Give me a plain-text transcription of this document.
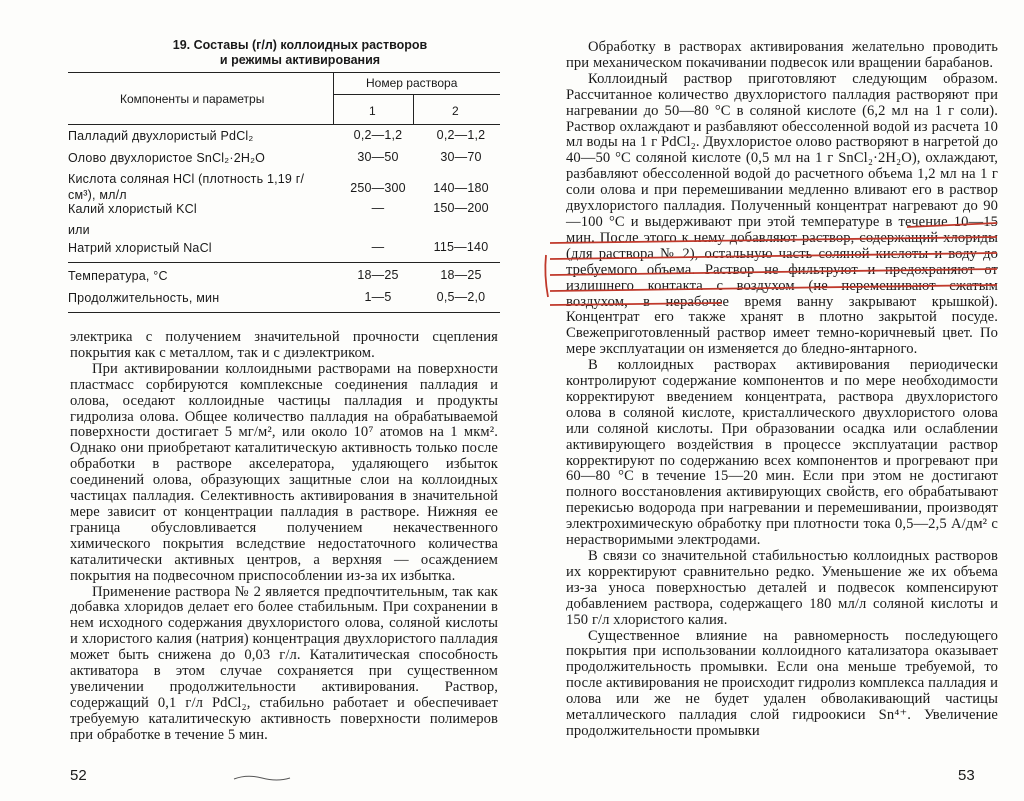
19. Составы (г/л) коллоидных растворов
и режимы активирования
Компоненты и параметры
Номер раствора
1	2
Палладий двухлористый PdCl₂	0,2—1,2	0,2—1,2
Олово двухлористое SnCl₂·2H₂O	30—50	30—70
Кислота соляная HCl (плотность 1,19 г/см³), мл/л	250—300	140—180
Калий хлористый KCl	—	150—200
или
Натрий хлористый NaCl	—	115—140
Температура, °C	18—25	18—25
Продолжительность, мин	1—5	0,5—2,0

электрика с получением значительной прочности сцепления покрытия как с металлом, так и с диэлектриком.

При активировании коллоидными растворами на поверхности пластмасс сорбируются комплексные соединения палладия и олова, оседают коллоидные частицы палладия и продукты гидролиза олова. Общее количество палладия на обрабатываемой поверхности достигает 5 мг/м², или около 10⁷ атомов на 1 мкм². Однако они приобретают каталитическую активность только после обработки в растворе акселератора, удаляющего избыток соединений олова, образующих защитные слои на коллоидных частицах палладия. Селективность активирования в значительной мере зависит от концентрации палладия в растворе. Нижняя ее граница обусловливается получением некачественного химического покрытия вследствие недостаточного количества каталитически активных центров, а верхняя — осаждением покрытия на подвесочном приспособлении из-за их избытка.

Применение раствора № 2 является предпочтительным, так как добавка хлоридов делает его более стабильным. При сохранении в нем исходного содержания двухлористого олова, соляной кислоты и хлористого калия (натрия) концентрация двухлористого палладия может быть снижена до 0,03 г/л. Каталитическая способность активатора в этом случае сохраняется при существенном увеличении продолжительности активирования. Раствор, содержащий 0,1 г/л PdCl₂, стабильно работает и обеспечивает требуемую каталитическую активность поверхности полимеров при обработке в течение 5 мин.

52

Обработку в растворах активирования желательно проводить при механическом покачивании подвесок или вращении барабанов.

Коллоидный раствор приготовляют следующим образом. Рассчитанное количество двухлористого палладия растворяют при нагревании до 50—80 °C в соляной кислоте (6,2 мл на 1 г соли). Раствор охлаждают и разбавляют обессоленной водой из расчета 10 мл воды на 1 г PdCl₂. Двухлористое олово растворяют в нагретой до 40—50 °C соляной кислоте (0,5 мл на 1 г SnCl₂·2H₂O), охлаждают, разбавляют обессоленной водой до расчетного объема 1,2 мл на 1 г соли олова и при перемешивании медленно вливают его в раствор двухлористого палладия. Полученный концентрат нагревают до 90—100 °C и выдерживают при этой температуре в течение 10—15 мин. После этого к нему добавляют раствор, содержащий хлориды (для раствора № 2), остальную часть соляной кислоты и воду до требуемого объема. Раствор не фильтруют и предохраняют от излишнего контакта с воздухом (не перемешивают сжатым воздухом, в нерабочее время ванну закрывают крышкой). Концентрат его также хранят в плотно закрытой посуде. Свежеприготовленный раствор имеет темно-коричневый цвет. По мере эксплуатации он изменяется до бледно-янтарного.

В коллоидных растворах активирования периодически контролируют содержание компонентов и по мере необходимости корректируют введением концентрата, раствора двухлористого олова в соляной кислоте, кристаллического двухлористого олова или соляной кислоты. При образовании осадка или ослаблении активирующего воздействия в процессе эксплуатации раствор корректируют по содержанию всех компонентов и прогревают при 60—80 °C в течение 15—20 мин. Если при этом не достигают полного восстановления активирующих свойств, его обрабатывают перекисью водорода при нагревании и перемешивании, производят электрохимическую обработку при плотности тока 0,5—2,5 А/дм² с нерастворимыми электродами.

В связи со значительной стабильностью коллоидных растворов их корректируют сравнительно редко. Уменьшение же их объема из-за уноса поверхностью деталей и подвесок компенсируют добавлением раствора, содержащего 180 мл/л соляной кислоты и 150 г/л хлористого калия.

Существенное влияние на равномерность последующего покрытия при использовании коллоидного катализатора оказывает продолжительность промывки. Если она меньше требуемой, то после активирования не происходит гидролиз комплекса палладия и олова или же не будет удален обволакивающий частицы металлического палладия слой гидроокиси Sn⁴⁺. Увеличение продолжительности промывки

53
